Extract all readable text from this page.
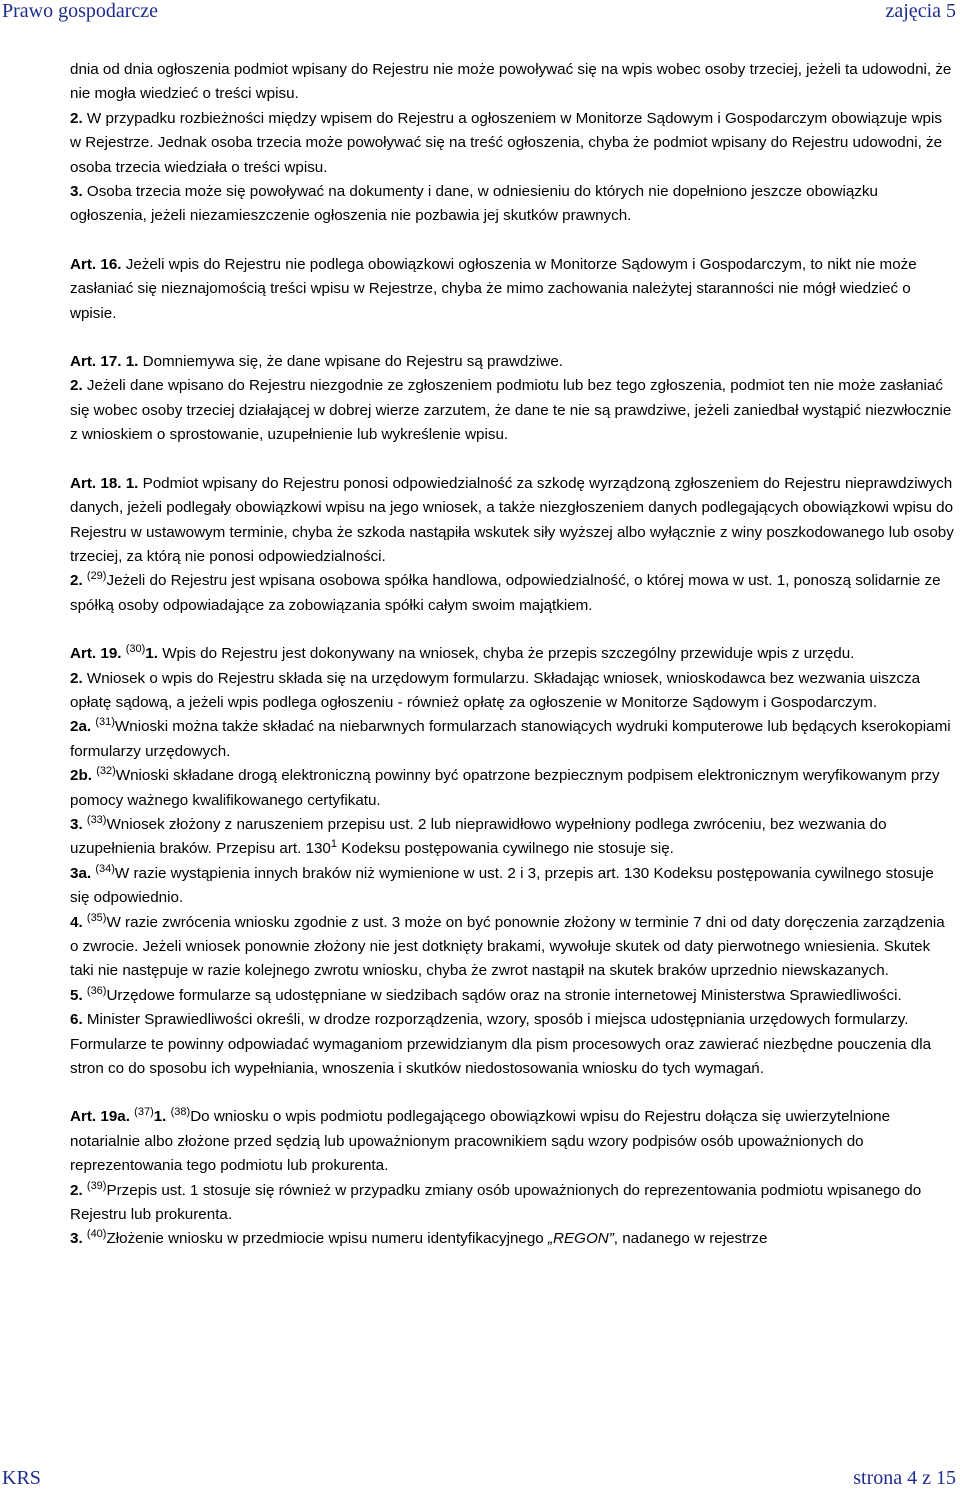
Prawo gospodarcze	zajęcia 5

dnia od dnia ogłoszenia podmiot wpisany do Rejestru nie może powoływać się na wpis wobec osoby trzeciej, jeżeli ta udowodni, że nie mogła wiedzieć o treści wpisu.

2. W przypadku rozbieżności między wpisem do Rejestru a ogłoszeniem w Monitorze Sądowym i Gospodarczym obowiązuje wpis w Rejestrze. Jednak osoba trzecia może powoływać się na treść ogłoszenia, chyba że podmiot wpisany do Rejestru udowodni, że osoba trzecia wiedziała o treści wpisu.

3. Osoba trzecia może się powoływać na dokumenty i dane, w odniesieniu do których nie dopełniono jeszcze obowiązku ogłoszenia, jeżeli niezamieszczenie ogłoszenia nie pozbawia jej skutków prawnych.

Art. 16. Jeżeli wpis do Rejestru nie podlega obowiązkowi ogłoszenia w Monitorze Sądowym i Gospodarczym, to nikt nie może zasłaniać się nieznajomością treści wpisu w Rejestrze, chyba że mimo zachowania należytej staranności nie mógł wiedzieć o wpisie.

Art. 17. 1. Domniemywa się, że dane wpisane do Rejestru są prawdziwe.

2. Jeżeli dane wpisano do Rejestru niezgodnie ze zgłoszeniem podmiotu lub bez tego zgłoszenia, podmiot ten nie może zasłaniać się wobec osoby trzeciej działającej w dobrej wierze zarzutem, że dane te nie są prawdziwe, jeżeli zaniedbał wystąpić niezwłocznie z wnioskiem o sprostowanie, uzupełnienie lub wykreślenie wpisu.

Art. 18. 1. Podmiot wpisany do Rejestru ponosi odpowiedzialność za szkodę wyrządzoną zgłoszeniem do Rejestru nieprawdziwych danych, jeżeli podlegały obowiązkowi wpisu na jego wniosek, a także niezgłoszeniem danych podlegających obowiązkowi wpisu do Rejestru w ustawowym terminie, chyba że szkoda nastąpiła wskutek siły wyższej albo wyłącznie z winy poszkodowanego lub osoby trzeciej, za którą nie ponosi odpowiedzialności.

2. $^{(29)}$Jeżeli do Rejestru jest wpisana osobowa spółka handlowa, odpowiedzialność, o której mowa w ust. 1, ponoszą solidarnie ze spółką osoby odpowiadające za zobowiązania spółki całym swoim majątkiem.

Art. 19. $^{(30)}$1. Wpis do Rejestru jest dokonywany na wniosek, chyba że przepis szczególny przewiduje wpis z urzędu.

2. Wniosek o wpis do Rejestru składa się na urzędowym formularzu. Składając wniosek, wnioskodawca bez wezwania uiszcza opłatę sądową, a jeżeli wpis podlega ogłoszeniu - również opłatę za ogłoszenie w Monitorze Sądowym i Gospodarczym.

2a. $^{(31)}$Wnioski można także składać na niebarwnych formularzach stanowiących wydruki komputerowe lub będących kserokopiami formularzy urzędowych.

2b. $^{(32)}$Wnioski składane drogą elektroniczną powinny być opatrzone bezpiecznym podpisem elektronicznym weryfikowanym przy pomocy ważnego kwalifikowanego certyfikatu.

3. $^{(33)}$Wniosek złożony z naruszeniem przepisu ust. 2 lub nieprawidłowo wypełniony podlega zwróceniu, bez wezwania do uzupełnienia braków. Przepisu art. $130^1$ Kodeksu postępowania cywilnego nie stosuje się.

3a. $^{(34)}$W razie wystąpienia innych braków niż wymienione w ust. 2 i 3, przepis art. 130 Kodeksu postępowania cywilnego stosuje się odpowiednio.

4. $^{(35)}$W razie zwrócenia wniosku zgodnie z ust. 3 może on być ponownie złożony w terminie 7 dni od daty doręczenia zarządzenia o zwrocie. Jeżeli wniosek ponownie złożony nie jest dotknięty brakami, wywołuje skutek od daty pierwotnego wniesienia. Skutek taki nie następuje w razie kolejnego zwrotu wniosku, chyba że zwrot nastąpił na skutek braków uprzednio niewskazanych.

5. $^{(36)}$Urzędowe formularze są udostępniane w siedzibach sądów oraz na stronie internetowej Ministerstwa Sprawiedliwości.

6. Minister Sprawiedliwości określi, w drodze rozporządzenia, wzory, sposób i miejsca udostępniania urzędowych formularzy. Formularze te powinny odpowiadać wymaganiom przewidzianym dla pism procesowych oraz zawierać niezbędne pouczenia dla stron co do sposobu ich wypełniania, wnoszenia i skutków niedostosowania wniosku do tych wymagań.

Art. 19a. $^{(37)}$1. $^{(38)}$Do wniosku o wpis podmiotu podlegającego obowiązkowi wpisu do Rejestru dołącza się uwierzytelnione notarialnie albo złożone przed sędzią lub upoważnionym pracownikiem sądu wzory podpisów osób upoważnionych do reprezentowania tego podmiotu lub prokurenta.

2. $^{(39)}$Przepis ust. 1 stosuje się również w przypadku zmiany osób upoważnionych do reprezentowania podmiotu wpisanego do Rejestru lub prokurenta.

3. $^{(40)}$Złożenie wniosku w przedmiocie wpisu numeru identyfikacyjnego „REGON”, nadanego w rejestrze

KRS	strona 4 z 15
